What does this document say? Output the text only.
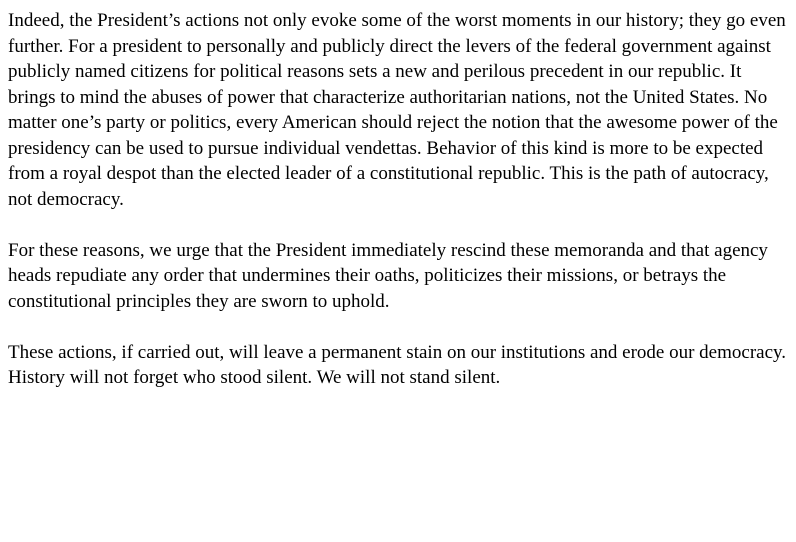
Indeed, the President’s actions not only evoke some of the worst moments in our history; they go even further. For a president to personally and publicly direct the levers of the federal government against publicly named citizens for political reasons sets a new and perilous precedent in our republic. It brings to mind the abuses of power that characterize authoritarian nations, not the United States. No matter one’s party or politics, every American should reject the notion that the awesome power of the presidency can be used to pursue individual vendettas. Behavior of this kind is more to be expected from a royal despot than the elected leader of a constitutional republic. This is the path of autocracy, not democracy.

For these reasons, we urge that the President immediately rescind these memoranda and that agency heads repudiate any order that undermines their oaths, politicizes their missions, or betrays the constitutional principles they are sworn to uphold.

These actions, if carried out, will leave a permanent stain on our institutions and erode our democracy. History will not forget who stood silent. We will not stand silent.
